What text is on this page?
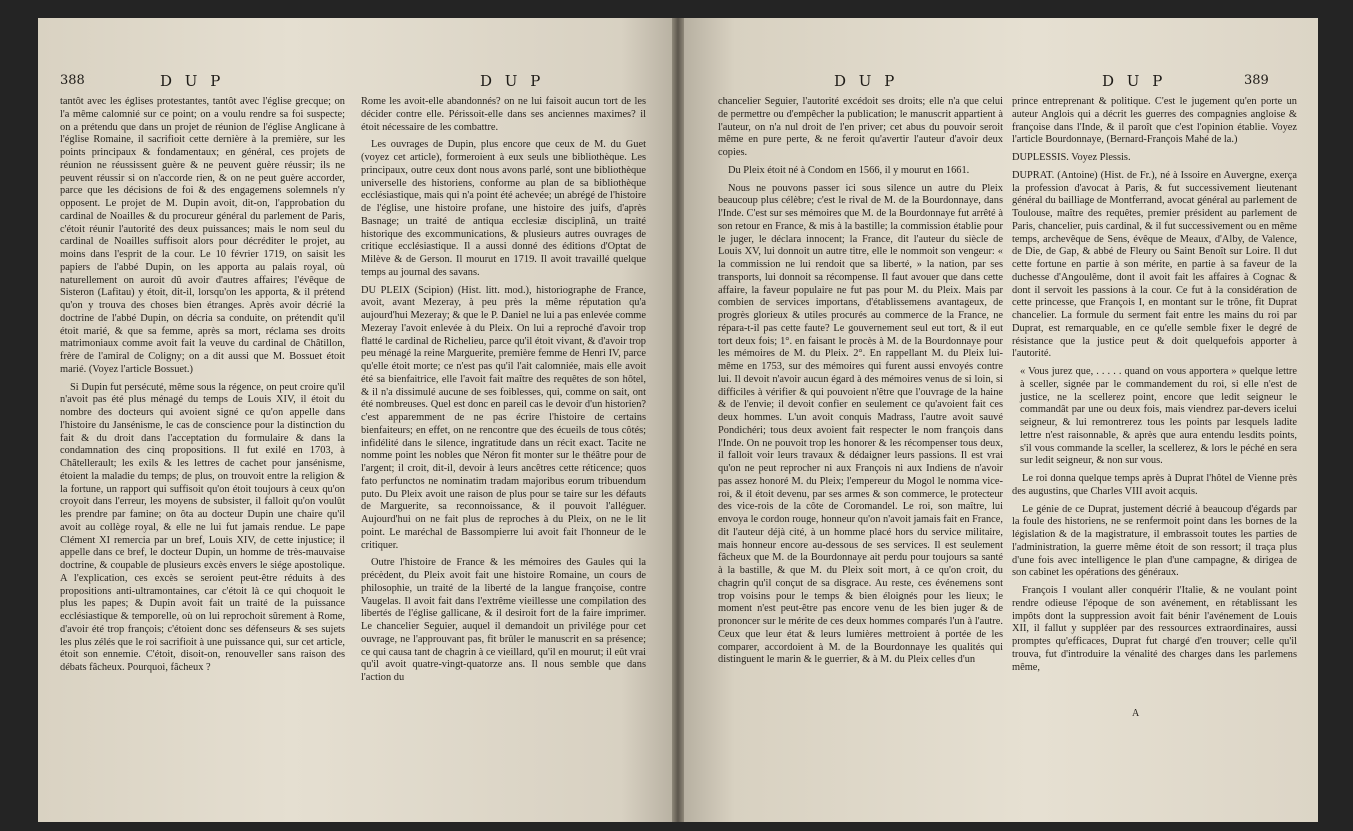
388	D U P	D U P

tantôt avec les églises protestantes, tantôt avec l'église grecque; on l'a même calomnié sur ce point; on a voulu rendre sa foi suspecte; on a prétendu que dans un projet de réunion de l'église Anglicane à l'église Romaine, il sacrifioit cette dernière à la première, sur les points principaux & fondamentaux; en général, ces projets de réunion ne réussissent guère & ne peuvent guère réussir; ils ne peuvent réussir si on n'accorde rien, & on ne peut guère accorder, parce que les décisions de foi & des engagemens solemnels n'y opposent. Le projet de M. Dupin avoit, dit-on, l'approbation du cardinal de Noailles & du procureur général du parlement de Paris, c'étoit réunir l'autorité des deux puissances; mais le nom seul du cardinal de Noailles suffisoit alors pour décréditer le projet, au moins dans l'esprit de la cour. Le 10 février 1719, on saisit les papiers de l'abbé Dupin, on les apporta au palais royal, où naturellement on auroit dû avoir d'autres affaires; l'évêque de Sisteron (Lafitau) y étoit, dit-il, lorsqu'on les apporta, & il prétend qu'on y trouva des choses bien étranges. Après avoir décrié la doctrine de l'abbé Dupin, on décria sa conduite, on prétendit qu'il étoit marié, & que sa femme, après sa mort, réclama ses droits matrimoniaux comme avoit fait la veuve du cardinal de Châtillon, frère de l'amiral de Coligny; on a dit aussi que M. Bossuet étoit marié. (Voyez l'article Bossuet.)

Si Dupin fut persécuté, même sous la régence, on peut croire qu'il n'avoit pas été plus ménagé du temps de Louis XIV, il étoit du nombre des docteurs qui avoient signé ce qu'on appelle dans l'histoire du Jansénisme, le cas de conscience pour la distinction du fait & du droit dans l'acceptation du formulaire & dans la condamnation des cinq propositions. Il fut exilé en 1703, à Châtellerault; les exils & les lettres de cachet pour jansénisme, étoient la maladie du temps; de plus, on trouvoit entre la religion & la fortune, un rapport qui suffisoit qu'on étoit toujours à ceux qu'on croyoit dans l'erreur, les moyens de subsister, il falloit qu'on voulût les prendre par famine; on ôta au docteur Dupin une chaire qu'il avoit au collège royal, & elle ne lui fut jamais rendue. Le pape Clément XI remercia par un bref, Louis XIV, de cette injustice; il appelle dans ce bref, le docteur Dupin, un homme de très-mauvaise doctrine, & coupable de plusieurs excès envers le siége apostolique. A l'explication, ces excès se seroient peut-être réduits à des propositions anti-ultramontaines, car c'étoit là ce qui choquoit le plus les papes; & Dupin avoit fait un traité de la puissance ecclésiastique & temporelle, où on lui reprochoit sûrement à Rome, d'avoir été trop françois; c'étoient donc ses défenseurs & ses sujets les plus zélés que le roi sacrifioit à une puissance qui, sur cet article, étoit son ennemie. C'étoit, disoit-on, renouveller sans raison des débats fâcheux. Pourquoi, fâcheux ?

Rome les avoit-elle abandonnés? on ne lui faisoit aucun tort de les décider contre elle. Périssoit-elle dans ses anciennes maximes? il étoit nécessaire de les combattre.

Les ouvrages de Dupin, plus encore que ceux de M. du Guet (voyez cet article), formeroient à eux seuls une bibliothèque. Les principaux, outre ceux dont nous avons parlé, sont une bibliothèque universelle des historiens, conforme au plan de sa bibliothèque ecclésiastique, mais qui n'a point été achevée; un abrégé de l'histoire de l'église, une histoire profane, une histoire des juifs, d'après Basnage; un traité de antiqua ecclesiæ disciplinâ, un traité historique des excommunications, & plusieurs autres ouvrages de critique ecclésiastique. Il a aussi donné des éditions d'Optat de Milève & de Gerson. Il mourut en 1719. Il avoit travaillé quelque temps au journal des savans.

DU PLEIX (Scipion) (Hist. litt. mod.), historiographe de France, avoit, avant Mezeray, à peu près la même réputation qu'a aujourd'hui Mezeray; & que le P. Daniel ne lui a pas enlevée comme Mezeray l'avoit enlevée à du Pleix. On lui a reproché d'avoir trop flatté le cardinal de Richelieu, parce qu'il étoit vivant, & d'avoir trop peu ménagé la reine Marguerite, première femme de Henri IV, parce qu'elle étoit morte; ce n'est pas qu'il l'ait calomniée, mais elle avoit été sa bienfaitrice, elle l'avoit fait maître des requêtes de son hôtel, & il n'a dissimulé aucune de ses foiblesses, qui, comme on sait, ont été nombreuses. Quel est donc en pareil cas le devoir d'un historien? c'est apparemment de ne pas écrire l'histoire de certains bienfaiteurs; en effet, on ne rencontre que des écueils de tous côtés; infidélité dans le silence, ingratitude dans un récit exact. Tacite ne nomme point les nobles que Néron fit monter sur le théâtre pour de l'argent; il croit, dit-il, devoir à leurs ancêtres cette réticence; quos fato perfunctos ne nominatim tradam majoribus eorum tribuendum puto. Du Pleix avoit une raison de plus pour se taire sur les défauts de Marguerite, sa reconnoissance, & il pouvoit l'alléguer. Aujourd'hui on ne fait plus de reproches à du Pleix, on ne le lit point. Le maréchal de Bassompierre lui avoit fait l'honneur de le critiquer.

Outre l'histoire de France & les mémoires des Gaules qui la précèdent, du Pleix avoit fait une histoire Romaine, un cours de philosophie, un traité de la liberté de la langue françoise, contre Vaugelas. Il avoit fait dans l'extrême vieillesse une compilation des libertés de l'église gallicane, & il desiroit fort de la faire imprimer. Le chancelier Seguier, auquel il demandoit un privilége pour cet ouvrage, ne l'approuvant pas, fit brûler le manuscrit en sa présence; ce qui causa tant de chagrin à ce vieillard, qu'il en mourut; il eût vrai qu'il avoit quatre-vingt-quatorze ans. Il nous semble que dans l'action du

D U P	D U P	389

chancelier Seguier, l'autorité excédoit ses droits; elle n'a que celui de permettre ou d'empêcher la publication; le manuscrit appartient à l'auteur, on n'a nul droit de l'en priver; cet abus du pouvoir seroit même en pure perte, & ne feroit qu'avertir l'auteur d'avoir deux copies.

Du Pleix étoit né à Condom en 1566, il y mourut en 1661.

Nous ne pouvons passer ici sous silence un autre du Pleix beaucoup plus célèbre; c'est le rival de M. de la Bourdonnaye, dans l'Inde. C'est sur ses mémoires que M. de la Bourdonnaye fut arrêté à son retour en France, & mis à la bastille; la commission établie pour le juger, le déclara innocent; la France, dit l'auteur du siècle de Louis XV, lui donnoit un autre titre, elle le nommoit son vengeur: « la commission ne lui rendoit que sa liberté, » la nation, par ses transports, lui donnoit sa récompense. Il faut avouer que dans cette affaire, la faveur populaire ne fut pas pour M. du Pleix. Mais par combien de services importans, d'établissemens avantageux, de progrès glorieux & utiles procurés au commerce de la France, ne répara-t-il pas cette faute? Le gouvernement seul eut tort, & il eut tort deux fois; 1°. en faisant le procès à M. de la Bourdonnaye pour les mémoires de M. du Pleix. 2°. En rappellant M. du Pleix lui-même en 1753, sur des mémoires qui furent aussi envoyés contre lui. Il devoit n'avoir aucun égard à des mémoires venus de si loin, si difficiles à vérifier & qui pouvoient n'être que l'ouvrage de la haine & de l'envie; il devoit confier en seulement ce qu'avoient fait ces deux hommes. L'un avoit conquis Madrass, l'autre avoit sauvé Pondichéri; tous deux avoient fait respecter le nom françois dans l'Inde. On ne pouvoit trop les honorer & les récompenser tous deux, il falloit voir leurs travaux & dédaigner leurs passions. Il est vrai qu'on ne peut reprocher ni aux François ni aux Indiens de n'avoir pas assez honoré M. du Pleix; l'empereur du Mogol le nomma vice-roi, & il étoit devenu, par ses armes & son commerce, le protecteur des vice-rois de la côte de Coromandel. Le roi, son maître, lui envoya le cordon rouge, honneur qu'on n'avoit jamais fait en France, dit l'auteur déjà cité, à un homme placé hors du service militaire, mais honneur encore au-dessous de ses services. Il est seulement fâcheux que M. de la Bourdonnaye ait perdu pour toujours sa santé à la bastille, & que M. du Pleix soit mort, à ce qu'on croit, du chagrin qu'il conçut de sa disgrace. Au reste, ces événemens sont trop voisins pour le temps & bien éloignés pour les lieux; le moment n'est peut-être pas encore venu de les bien juger & de prononcer sur le mérite de ces deux hommes comparés l'un à l'autre. Ceux que leur état & leurs lumières mettroient à portée de les comparer, accordoient à M. de la Bourdonnaye les qualités qui distinguent le marin & le guerrier, & à M. du Pleix celles d'un

prince entreprenant & politique. C'est le jugement qu'en porte un auteur Anglois qui a décrit les guerres des compagnies angloise & françoise dans l'Inde, & il paroît que c'est l'opinion établie. Voyez l'article Bourdonnaye, (Bernard-François Mahé de la.)

DUPLESSIS. Voyez Plessis.

DUPRAT. (Antoine) (Hist. de Fr.), né à Issoire en Auvergne, exerça la profession d'avocat à Paris, & fut successivement lieutenant général du bailliage de Montferrand, avocat général au parlement de Toulouse, maître des requêtes, premier président au parlement de Paris, chancelier, puis cardinal, & il fut successivement ou en même temps, archevêque de Sens, évêque de Meaux, d'Alby, de Valence, de Die, de Gap, & abbé de Fleury ou Saint Benoît sur Loire. Il dut cette fortune en partie à son mérite, en partie à sa faveur de la duchesse d'Angoulême, dont il avoit fait les affaires à Cognac & dont il servoit les passions à la cour. Ce fut à la considération de cette princesse, que François I, en montant sur le trône, fit Duprat chancelier. La formule du serment fait entre les mains du roi par Duprat, est remarquable, en ce qu'elle semble fixer le degré de résistance que la justice peut & doit quelquefois apporter à l'autorité.

« Vous jurez que, . . . . . quand on vous apportera » quelque lettre à sceller, signée par le commandement du roi, si elle n'est de justice, ne la scellerez point, encore que ledit seigneur le commandât par une ou deux fois, mais viendrez par-devers icelui seigneur, & lui remontrerez tous les points par lesquels ladite lettre n'est raisonnable, & après que aura entendu lesdits points, s'il vous commande la sceller, la scellerez, & lors le péché en sera sur ledit seigneur, & non sur vous.

Le roi donna quelque temps après à Duprat l'hôtel de Vienne près des augustins, que Charles VIII avoit acquis.

Le génie de ce Duprat, justement décrié à beaucoup d'égards par la foule des historiens, ne se renfermoit point dans les bornes de la législation & de la magistrature, il embrassoit toutes les parties de l'administration, la guerre même étoit de son ressort; il traça plus d'une fois avec intelligence le plan d'une campagne, & dirigea de son cabinet les opérations des généraux.

François I voulant aller conquérir l'Italie, & ne voulant point rendre odieuse l'époque de son avénement, en rétablissant les impôts dont la suppression avoit fait bénir l'avénement de Louis XII, il fallut y suppléer par des ressources extraordinaires, aussi promptes qu'efficaces, Duprat fut chargé d'en trouver; celle qu'il trouva, fut d'introduire la vénalité des charges dans les parlemens même,

A
